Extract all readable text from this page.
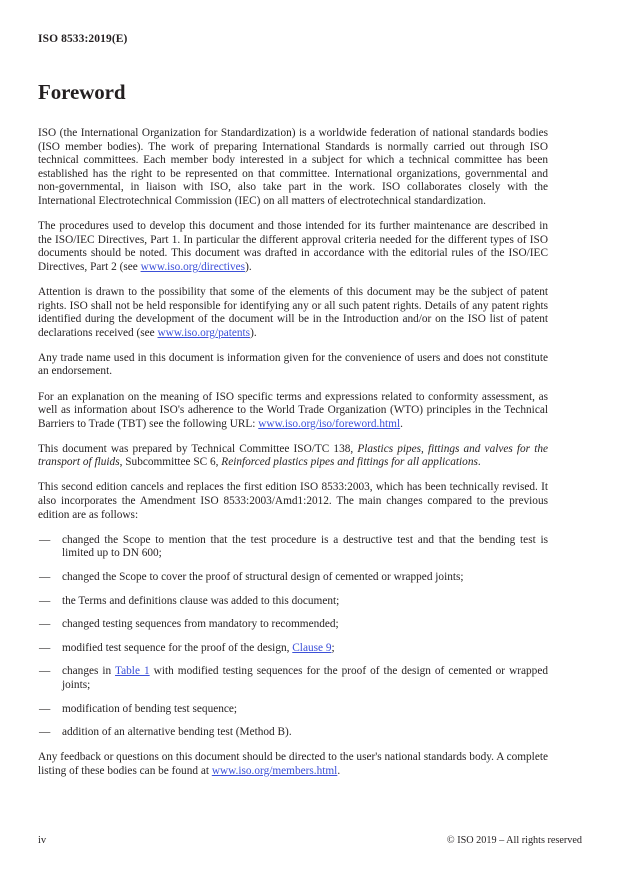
ISO 8533:2019(E)
Foreword

ISO (the International Organization for Standardization) is a worldwide federation of national standards bodies (ISO member bodies). The work of preparing International Standards is normally carried out through ISO technical committees. Each member body interested in a subject for which a technical committee has been established has the right to be represented on that committee. International organizations, governmental and non-governmental, in liaison with ISO, also take part in the work. ISO collaborates closely with the International Electrotechnical Commission (IEC) on all matters of electrotechnical standardization.

The procedures used to develop this document and those intended for its further maintenance are described in the ISO/IEC Directives, Part 1. In particular the different approval criteria needed for the different types of ISO documents should be noted. This document was drafted in accordance with the editorial rules of the ISO/IEC Directives, Part 2 (see www.iso.org/directives).

Attention is drawn to the possibility that some of the elements of this document may be the subject of patent rights. ISO shall not be held responsible for identifying any or all such patent rights. Details of any patent rights identified during the development of the document will be in the Introduction and/or on the ISO list of patent declarations received (see www.iso.org/patents).

Any trade name used in this document is information given for the convenience of users and does not constitute an endorsement.

For an explanation on the meaning of ISO specific terms and expressions related to conformity assessment, as well as information about ISO's adherence to the World Trade Organization (WTO) principles in the Technical Barriers to Trade (TBT) see the following URL: www.iso.org/iso/foreword.html.

This document was prepared by Technical Committee ISO/TC 138, Plastics pipes, fittings and valves for the transport of fluids, Subcommittee SC 6, Reinforced plastics pipes and fittings for all applications.

This second edition cancels and replaces the first edition ISO 8533:2003, which has been technically revised. It also incorporates the Amendment ISO 8533:2003/Amd1:2012. The main changes compared to the previous edition are as follows:

— changed the Scope to mention that the test procedure is a destructive test and that the bending test is limited up to DN 600;
— changed the Scope to cover the proof of structural design of cemented or wrapped joints;
— the Terms and definitions clause was added to this document;
— changed testing sequences from mandatory to recommended;
— modified test sequence for the proof of the design, Clause 9;
— changes in Table 1 with modified testing sequences for the proof of the design of cemented or wrapped joints;
— modification of bending test sequence;
— addition of an alternative bending test (Method B).

Any feedback or questions on this document should be directed to the user's national standards body. A complete listing of these bodies can be found at www.iso.org/members.html.

iv	© ISO 2019 – All rights reserved
